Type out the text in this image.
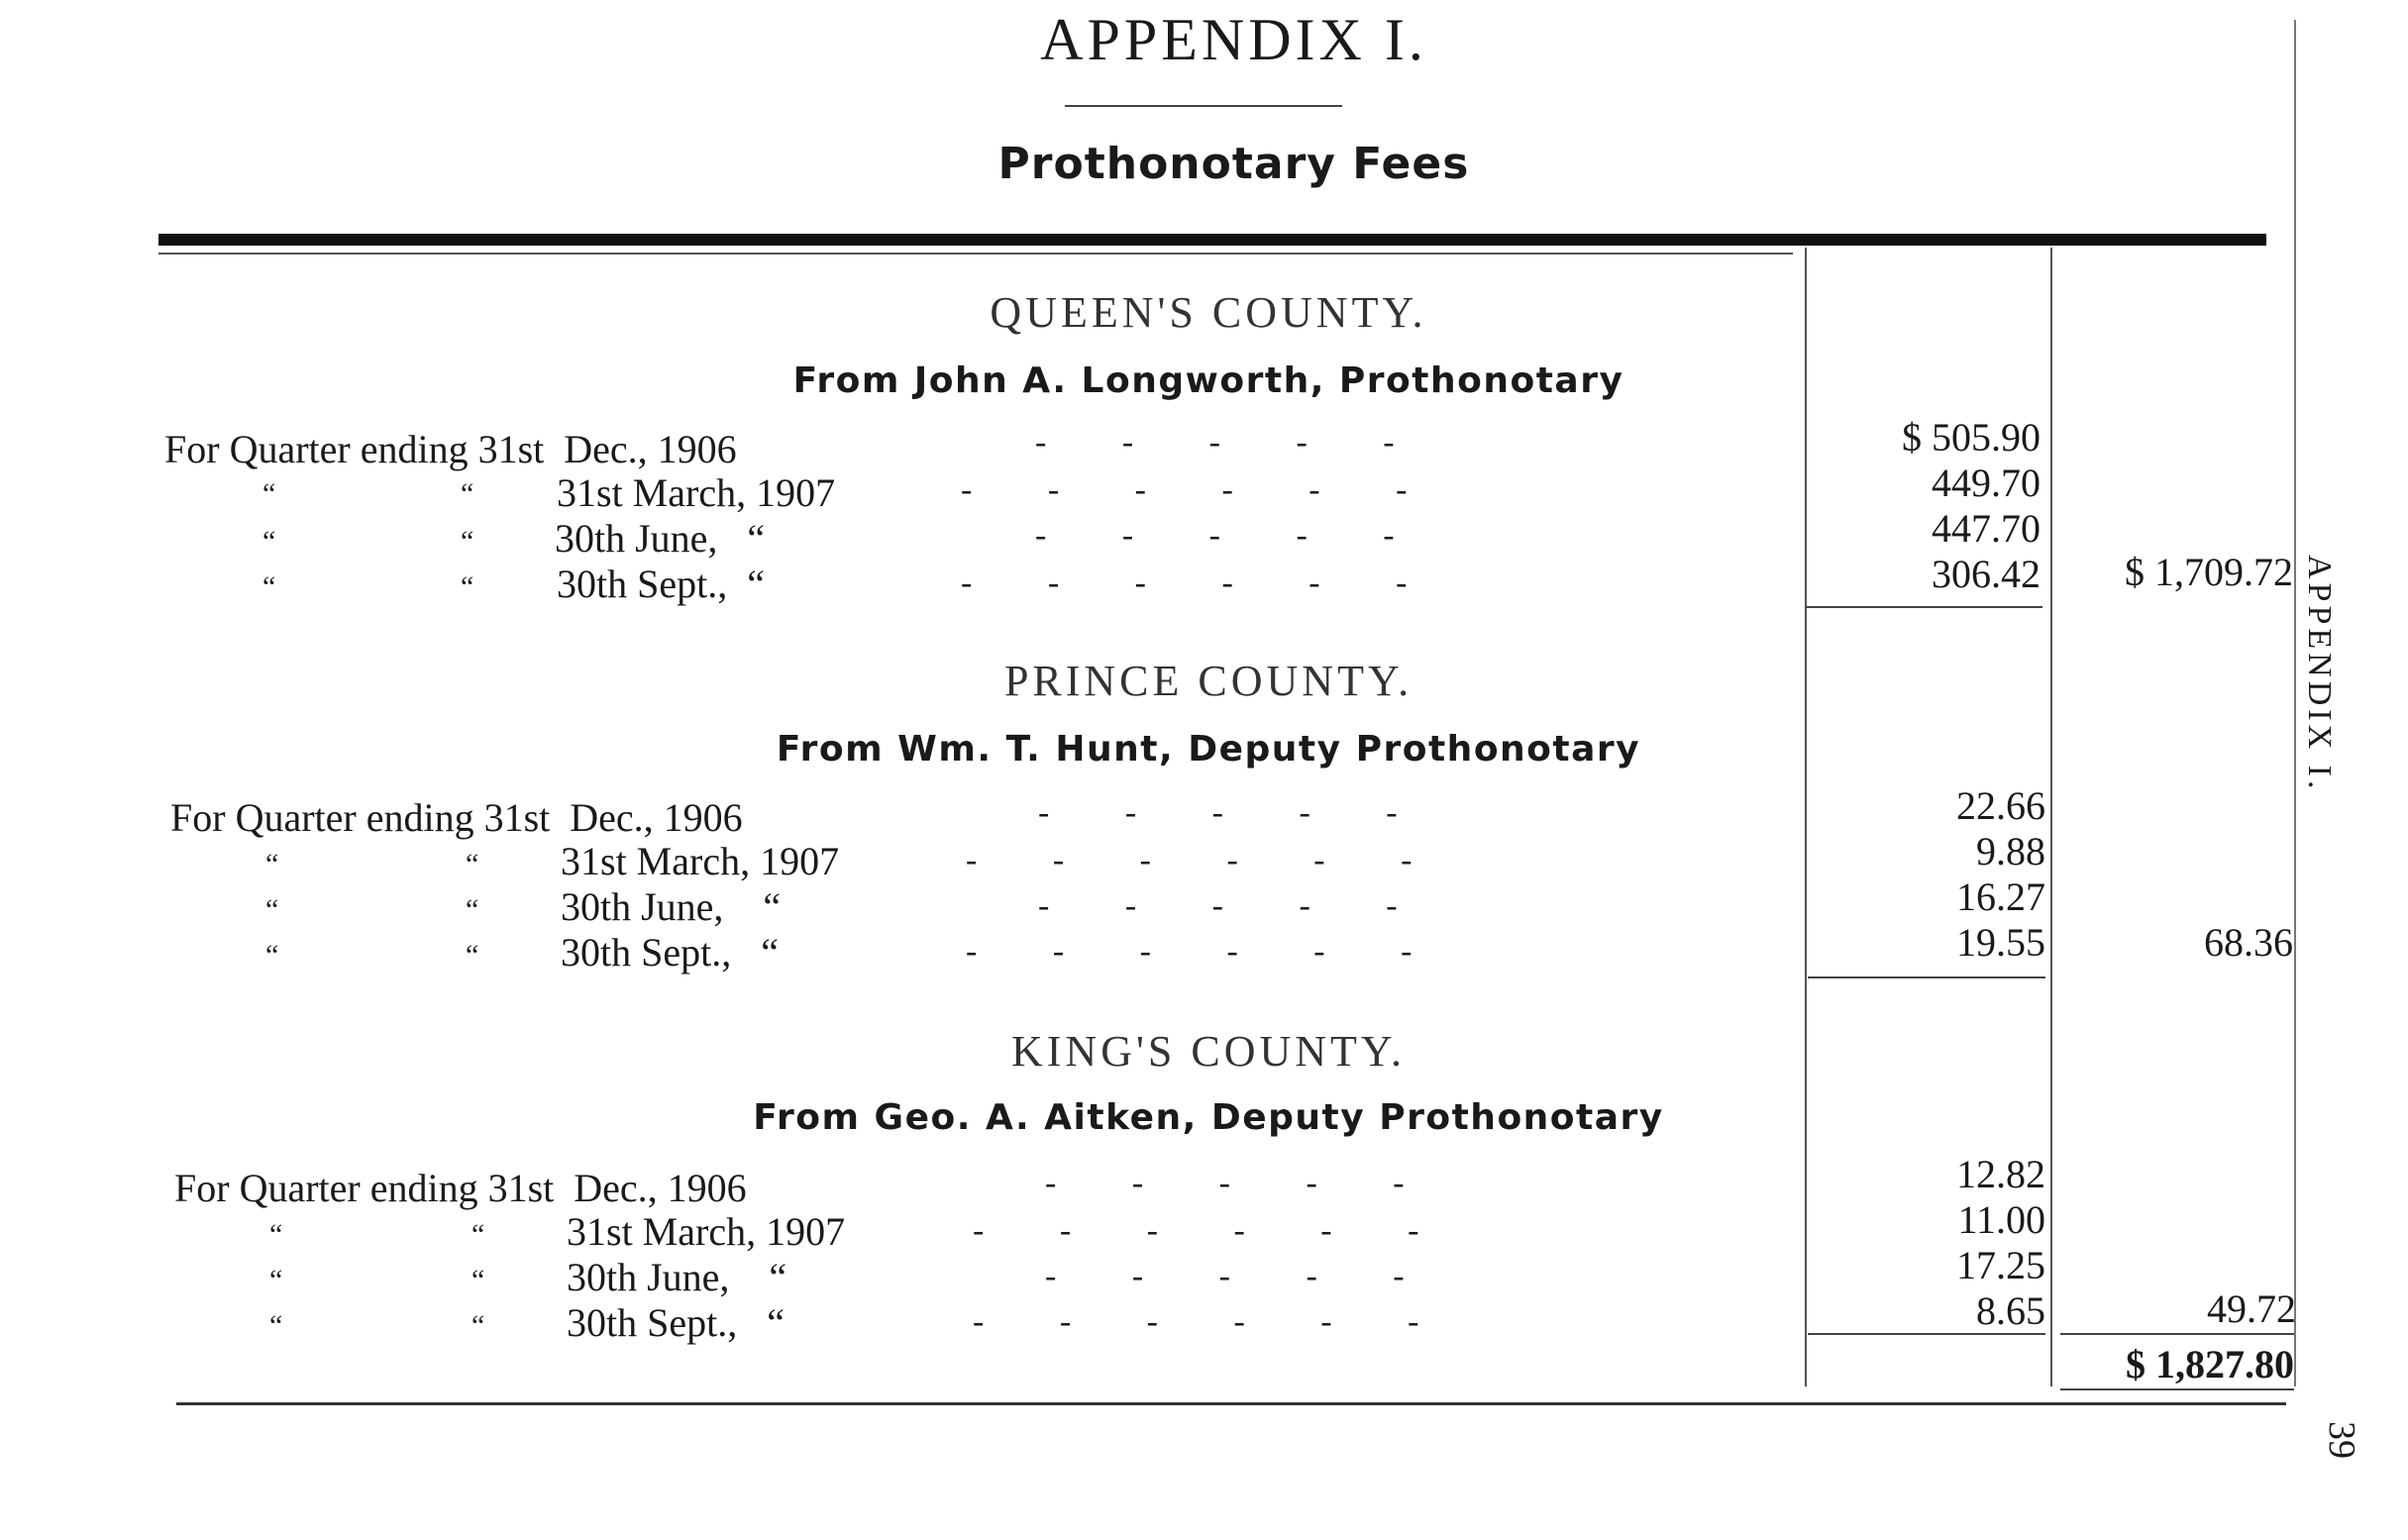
APPENDIX I.
Prothonotary Fees
QUEEN'S COUNTY.
From John A. Longworth, Prothonotary
For Quarter ending 31st  Dec., 1906	-         -         -         -         -	$ 505.90
“	“ 31st March, 1907	-         -         -         -         -         -	449.70
“	“ 30th June,   “	-         -         -         -         -	447.70
“	“ 30th Sept.,  “	-         -         -         -         -         -	306.42	$ 1,709.72
PRINCE COUNTY.
From Wm. T. Hunt, Deputy Prothonotary
For Quarter ending 31st  Dec., 1906	-         -         -         -         -	22.66
“	“ 31st March, 1907	-         -         -         -         -         -	9.88
“	“ 30th June,    “	-         -         -         -         -	16.27
“	“ 30th Sept.,   “	-         -         -         -         -         -	19.55	68.36
KING'S COUNTY.
From Geo. A. Aitken, Deputy Prothonotary
For Quarter ending 31st  Dec., 1906	-         -         -         -         -	12.82
“	“ 31st March, 1907	-         -         -         -         -         -	11.00
“	“ 30th June,    “	-         -         -         -         -	17.25
“	“ 30th Sept.,   “	-         -         -         -         -         -	8.65	49.72
$ 1,827.80
APPENDIX I.
39
